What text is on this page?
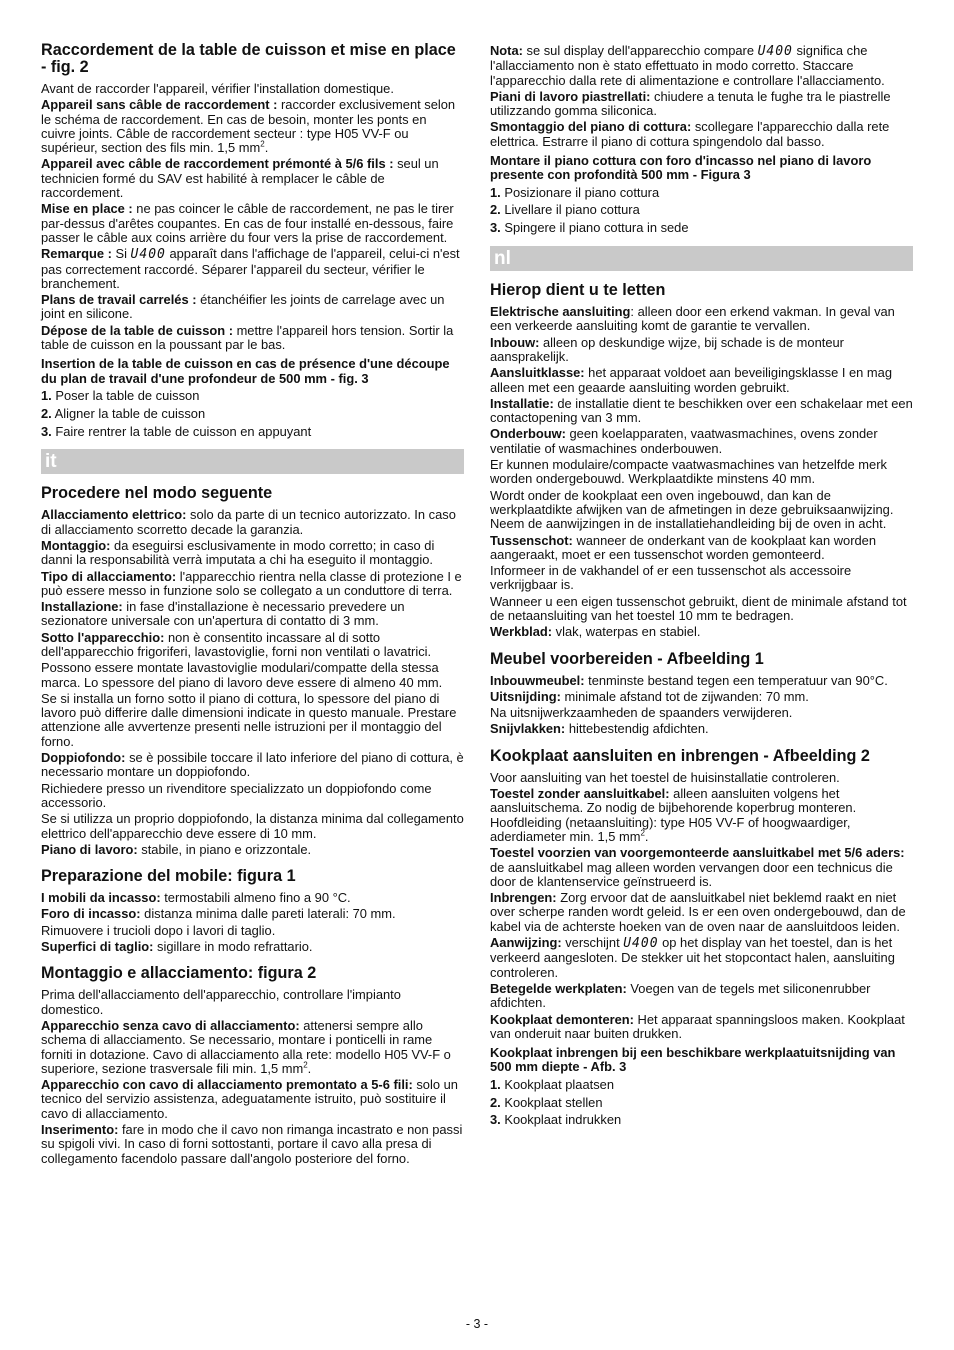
Raccordement de la table de cuisson et mise en place - fig. 2

Avant de raccorder l'appareil, vérifier l'installation domestique.

Appareil sans câble de raccordement : raccorder exclusivement selon le schéma de raccordement. En cas de besoin, monter les ponts en cuivre joints. Câble de raccordement secteur : type H05 VV-F ou supérieur, section des fils min. 1,5 $mm^2$.

Appareil avec câble de raccordement prémonté à 5/6 fils : seul un technicien formé du SAV est habilité à remplacer le câble de raccordement.

Mise en place : ne pas coincer le câble de raccordement, ne pas le tirer par-dessus d'arêtes coupantes. En cas de four installé en-dessous, faire passer le câble aux coins arrière du four vers la prise de raccordement.

Remarque : Si U400 apparaît dans l'affichage de l'appareil, celui-ci n'est pas correctement raccordé. Séparer l'appareil du secteur, vérifier le branchement.

Plans de travail carrelés : étanchéifier les joints de carrelage avec un joint en silicone.

Dépose de la table de cuisson : mettre l'appareil hors tension. Sortir la table de cuisson en la poussant par le bas.

Insertion de la table de cuisson en cas de présence d'une découpe du plan de travail d'une profondeur de 500 mm - fig. 3

1. Poser la table de cuisson
2. Aligner la table de cuisson
3. Faire rentrer la table de cuisson en appuyant
it
Procedere nel modo seguente

Allacciamento elettrico: solo da parte di un tecnico autorizzato. In caso di allacciamento scorretto decade la garanzia.

Montaggio: da eseguirsi esclusivamente in modo corretto; in caso di danni la responsabilità verrà imputata a chi ha eseguito il montaggio.

Tipo di allacciamento: l'apparecchio rientra nella classe di protezione I e può essere messo in funzione solo se collegato a un conduttore di terra.

Installazione: in fase d'installazione è necessario prevedere un sezionatore universale con un'apertura di contatto di 3 mm.

Sotto l'apparecchio: non è consentito incassare al di sotto dell'apparecchio frigoriferi, lavastoviglie, forni non ventilati o lavatrici.

Possono essere montate lavastoviglie modulari/compatte della stessa marca. Lo spessore del piano di lavoro deve essere di almeno 40 mm.

Se si installa un forno sotto il piano di cottura, lo spessore del piano di lavoro può differire dalle dimensioni indicate in questo manuale. Prestare attenzione alle avvertenze presenti nelle istruzioni per il montaggio del forno.

Doppiofondo: se è possibile toccare il lato inferiore del piano di cottura, è necessario montare un doppiofondo.

Richiedere presso un rivenditore specializzato un doppiofondo come accessorio.

Se si utilizza un proprio doppiofondo, la distanza minima dal collegamento elettrico dell'apparecchio deve essere di 10 mm.

Piano di lavoro: stabile, in piano e orizzontale.

Preparazione del mobile: figura 1

I mobili da incasso: termostabili almeno fino a 90 °C.

Foro di incasso: distanza minima dalle pareti laterali: 70 mm.

Rimuovere i trucioli dopo i lavori di taglio.

Superfici di taglio: sigillare in modo refrattario.

Montaggio e allacciamento: figura 2

Prima dell'allacciamento dell'apparecchio, controllare l'impianto domestico.

Apparecchio senza cavo di allacciamento: attenersi sempre allo schema di allacciamento. Se necessario, montare i ponticelli in rame forniti in dotazione. Cavo di allacciamento alla rete: modello H05 VV-F o superiore, sezione trasversale fili min. 1,5 $mm^2$.

Apparecchio con cavo di allacciamento premontato a 5-6 fili: solo un tecnico del servizio assistenza, adeguatamente istruito, può sostituire il cavo di allacciamento.

Inserimento: fare in modo che il cavo non rimanga incastrato e non passi su spigoli vivi. In caso di forni sottostanti, portare il cavo alla presa di collegamento facendolo passare dall'angolo posteriore del forno.

Nota: se sul display dell'apparecchio compare U400 significa che l'allacciamento non è stato effettuato in modo corretto. Staccare l'apparecchio dalla rete di alimentazione e controllare l'allacciamento.

Piani di lavoro piastrellati: chiudere a tenuta le fughe tra le piastrelle utilizzando gomma siliconica.

Smontaggio del piano di cottura: scollegare l'apparecchio dalla rete elettrica. Estrarre il piano di cottura spingendolo dal basso.

Montare il piano cottura con foro d'incasso nel piano di lavoro presente con profondità 500 mm - Figura 3

1. Posizionare il piano cottura
2. Livellare il piano cottura
3. Spingere il piano cottura in sede
nl
Hierop dient u te letten

Elektrische aansluiting: alleen door een erkend vakman. In geval van een verkeerde aansluiting komt de garantie te vervallen.

Inbouw: alleen op deskundige wijze, bij schade is de monteur aansprakelijk.

Aansluitklasse: het apparaat voldoet aan beveiligingsklasse I en mag alleen met een geaarde aansluiting worden gebruikt.

Installatie: de installatie dient te beschikken over een schakelaar met een contactopening van 3 mm.

Onderbouw: geen koelapparaten, vaatwasmachines, ovens zonder ventilatie of wasmachines onderbouwen.

Er kunnen modulaire/compacte vaatwasmachines van hetzelfde merk worden ondergebouwd. Werkplaatdikte minstens 40 mm.

Wordt onder de kookplaat een oven ingebouwd, dan kan de werkplaatdikte afwijken van de afmetingen in deze gebruiksaanwijzing. Neem de aanwijzingen in de installatiehandleiding bij de oven in acht.

Tussenschot: wanneer de onderkant van de kookplaat kan worden aangeraakt, moet er een tussenschot worden gemonteerd.

Informeer in de vakhandel of er een tussenschot als accessoire verkrijgbaar is.

Wanneer u een eigen tussenschot gebruikt, dient de minimale afstand tot de netaansluiting van het toestel 10 mm te bedragen.

Werkblad: vlak, waterpas en stabiel.

Meubel voorbereiden - Afbeelding 1

Inbouwmeubel: tenminste bestand tegen een temperatuur van 90°C.

Uitsnijding: minimale afstand tot de zijwanden: 70 mm.

Na uitsnijwerkzaamheden de spaanders verwijderen.

Snijvlakken: hittebestendig afdichten.

Kookplaat aansluiten en inbrengen - Afbeelding 2

Voor aansluiting van het toestel de huisinstallatie controleren.

Toestel zonder aansluitkabel: alleen aansluiten volgens het aansluitschema. Zo nodig de bijbehorende koperbrug monteren. Hoofdleiding (netaansluiting): type H05 VV-F of hoogwaardiger, aderdiameter min. 1,5 $mm^2$.

Toestel voorzien van voorgemonteerde aansluitkabel met 5/6 aders: de aansluitkabel mag alleen worden vervangen door een technicus die door de klantenservice geïnstrueerd is.

Inbrengen: Zorg ervoor dat de aansluitkabel niet beklemd raakt en niet over scherpe randen wordt geleid. Is er een oven ondergebouwd, dan de kabel via de achterste hoeken van de oven naar de aansluitdoos leiden.

Aanwijzing: verschijnt U400 op het display van het toestel, dan is het verkeerd aangesloten. De stekker uit het stopcontact halen, aansluiting controleren.

Betegelde werkplaten: Voegen van de tegels met siliconenrubber afdichten.

Kookplaat demonteren: Het apparaat spanningsloos maken. Kookplaat van onderuit naar buiten drukken.

Kookplaat inbrengen bij een beschikbare werkplaatuitsnijding van 500 mm diepte - Afb. 3

1. Kookplaat plaatsen
2. Kookplaat stellen
3. Kookplaat indrukken
- 3 -
